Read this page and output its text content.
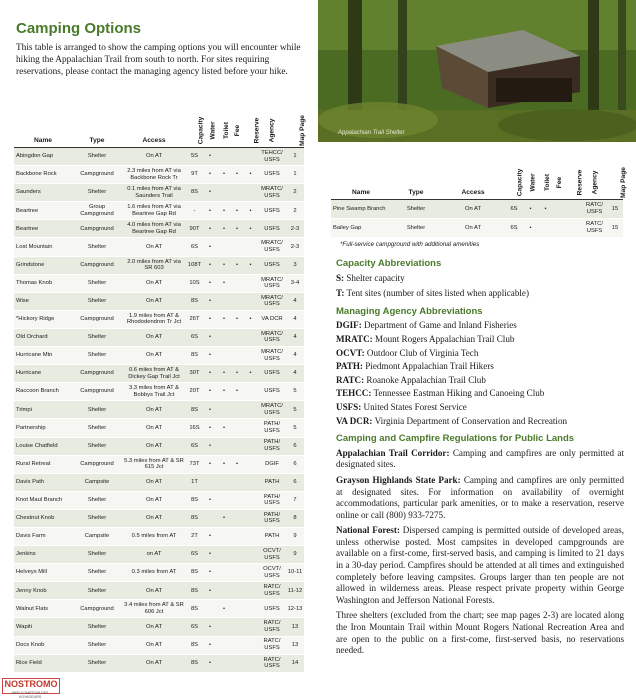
Camping Options

This table is arranged to show the camping options you will encounter while hiking the Appalachian Trail from south to north. For sites requiring reservations, please contact the managing agency listed before your hike.

Name	Type	Access	Capacity	Water	Toilet	Fee	Reserve	Agency	Map Page
Abingdon Gap	Shelter	On AT	5S	•				TEHCC/ USFS	1
Backbone Rock	Campground	2.3 miles from AT via Backbone Rock Tr	9T	•	•	•	•	USFS	1
Saunders	Shelter	0.1 miles from AT via Saunders Trail	8S	•				MRATC/ USFS	2
Beartree	Group Campground	1.6 miles from AT via Beartree Gap Rd	-	•	•	•	•	USFS	2
Beartree	Campground	4.0 miles from AT via Beartree Gap Rd	90T	•	•	•	•	USFS	2-3
Lost Mountain	Shelter	On AT	6S	•				MRATC/ USFS	2-3
Grindstone	Campground	2.0 miles from AT via SR 603	108T	•	•	•	•	USFS	3
Thomas Knob	Shelter	On AT	10S	•	•			MRATC/ USFS	3-4
Wise	Shelter	On AT	8S	•				MRATC/ USFS	4
*Hickory Ridge	Campground	1.9 miles from AT & Rhododendron Tr Jct	26T	•	•	•	•	VA DCR	4
Old Orchard	Shelter	On AT	6S	•				MRATC/ USFS	4
Hurricane Mtn	Shelter	On AT	8S	•				MRATC/ USFS	4
Hurricane	Campground	0.6 miles from AT & Dickey Gap Trail Jct	30T	•	•	•	•	USFS	4
Raccoon Branch	Campground	3.3 miles from AT & Bobbys Trail Jct	20T	•	•	•		USFS	5
Trimpi	Shelter	On AT	8S	•				MRATC/ USFS	5
Partnership	Shelter	On AT	16S	•	•			PATH/ USFS	5
Louise Chatfield	Shelter	On AT	6S	•				PATH/ USFS	6
Rural Retreat	Campground	5.3 miles from AT & SR 615 Jct	73T	•	•	•		DGIF	6
Davis Path	Campsite	On AT	1T					PATH	6
Knot Maul Branch	Shelter	On AT	8S	•				PATH/ USFS	7
Chestnut Knob	Shelter	On AT	8S		•			PATH/ USFS	8
Davis Farm	Campsite	0.5 miles from AT	2T	•				PATH	9
Jenkins	Shelter	on AT	6S	•				OCVT/ USFS	9
Helveys Mill	Shelter	0.3 miles from AT	8S	•				OCVT/ USFS	10-11
Jenny Knob	Shelter	On AT	8S	•				RATC/ USFS	11-12
Walnut Flats	Campground	3.4 miles from AT & SR 606 Jct	8S		•			USFS	12-13
Wapiti	Shelter	On AT	6S	•				RATC/ USFS	13
Docs Knob	Shelter	On AT	8S	•				RATC/ USFS	13
Rice Field	Shelter	On AT	8S	•				RATC/ USFS	14
NOSTROMO
WEB COMPTOIR DES VOYAGEURS
Appalachian Trail Shelter
Name	Type	Access	Capacity	Water	Toilet	Fee	Reserve	Agency	Map Page
Pine Swamp Branch	Shelter	On AT	6S	•	•			RATC/ USFS	15
Bailey Gap	Shelter	On AT	6S	•				RATC/ USFS	15
*Full-service campground with additional amenities
Capacity Abbreviations

S: Shelter capacity

T: Tent sites (number of sites listed when applicable)

Managing Agency Abbreviations

DGIF: Department of Game and Inland Fisheries

MRATC: Mount Rogers Appalachian Trail Club

OCVT: Outdoor Club of Virginia Tech

PATH: Piedmont Appalachian Trail Hikers

RATC: Roanoke Appalachian Trail Club

TEHCC: Tennessee Eastman Hiking and Canoeing Club

USFS: United States Forest Service

VA DCR: Virginia Department of Conservation and Recreation

Camping and Campfire Regulations for Public Lands

Appalachian Trail Corridor: Camping and campfires are only permitted at designated sites.

Grayson Highlands State Park: Camping and campfires are only permitted at designated sites. For information on availability of overnight accommodations, particular park amenities, or to make a reservation, reserve online or call (800) 933-7275.

National Forest: Dispersed camping is permitted outside of developed areas, unless otherwise posted. Most campsites in developed campgrounds are available on a first-come, first-served basis, and camping is limited to 21 days in a 30-day period. Campfires should be attended at all times and extinguished completely before leaving campsites. Groups larger than ten people are not allowed in wilderness areas. Please respect private property within George Washington and Jefferson National Forests.

Three shelters (excluded from the chart; see map pages 2-3) are located along the Iron Mountain Trail within Mount Rogers National Recreation Area and are open to the public on a first-come, first-served basis, no reservations needed.
